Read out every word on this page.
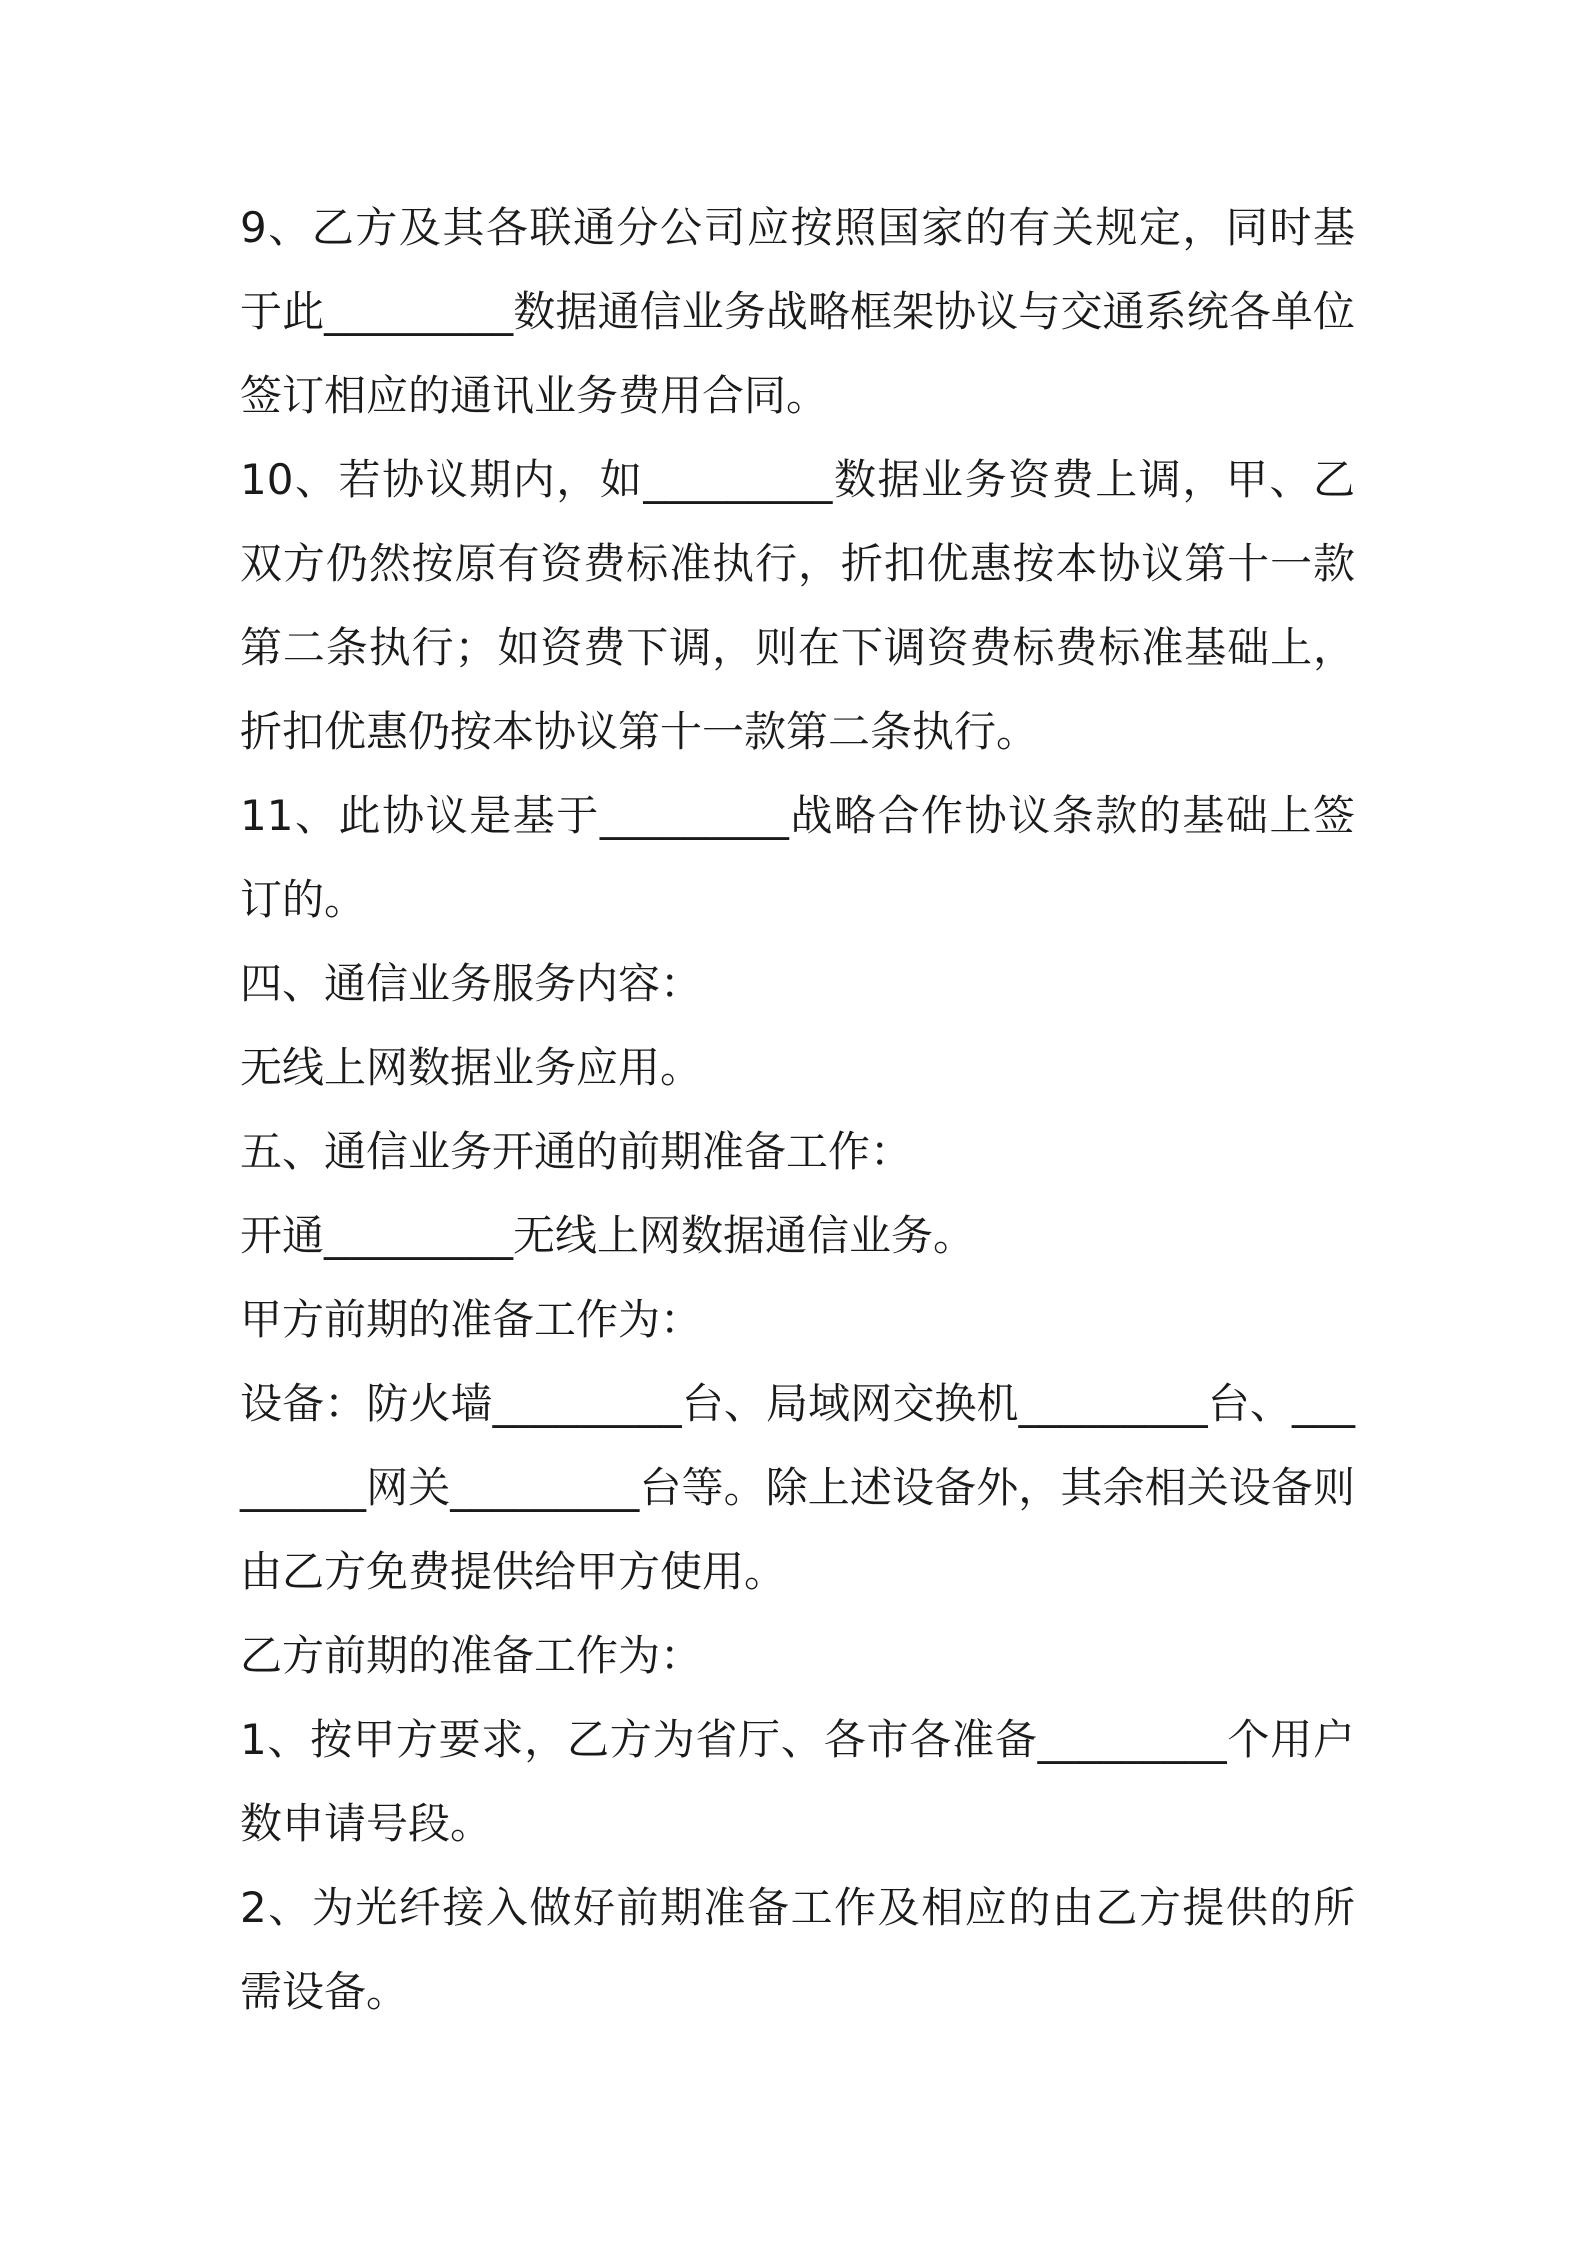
9、乙方及其各联通分公司应按照国家的有关规定，同时基于此_________数据通信业务战略框架协议与交通系统各单位签订相应的通讯业务费用合同。

10、若协议期内，如_________数据业务资费上调，甲、乙双方仍然按原有资费标准执行，折扣优惠按本协议第十一款第二条执行；如资费下调，则在下调资费标费标准基础上，折扣优惠仍按本协议第十一款第二条执行。

11、此协议是基于_________战略合作协议条款的基础上签订的。

四、通信业务服务内容：

无线上网数据业务应用。

五、通信业务开通的前期准备工作：

开通_________无线上网数据通信业务。

甲方前期的准备工作为：

设备：防火墙_________台、局域网交换机_________台、_________网关_________台等。除上述设备外，其余相关设备则由乙方免费提供给甲方使用。

乙方前期的准备工作为：

1、按甲方要求，乙方为省厅、各市各准备_________个用户数申请号段。

2、为光纤接入做好前期准备工作及相应的由乙方提供的所需设备。
